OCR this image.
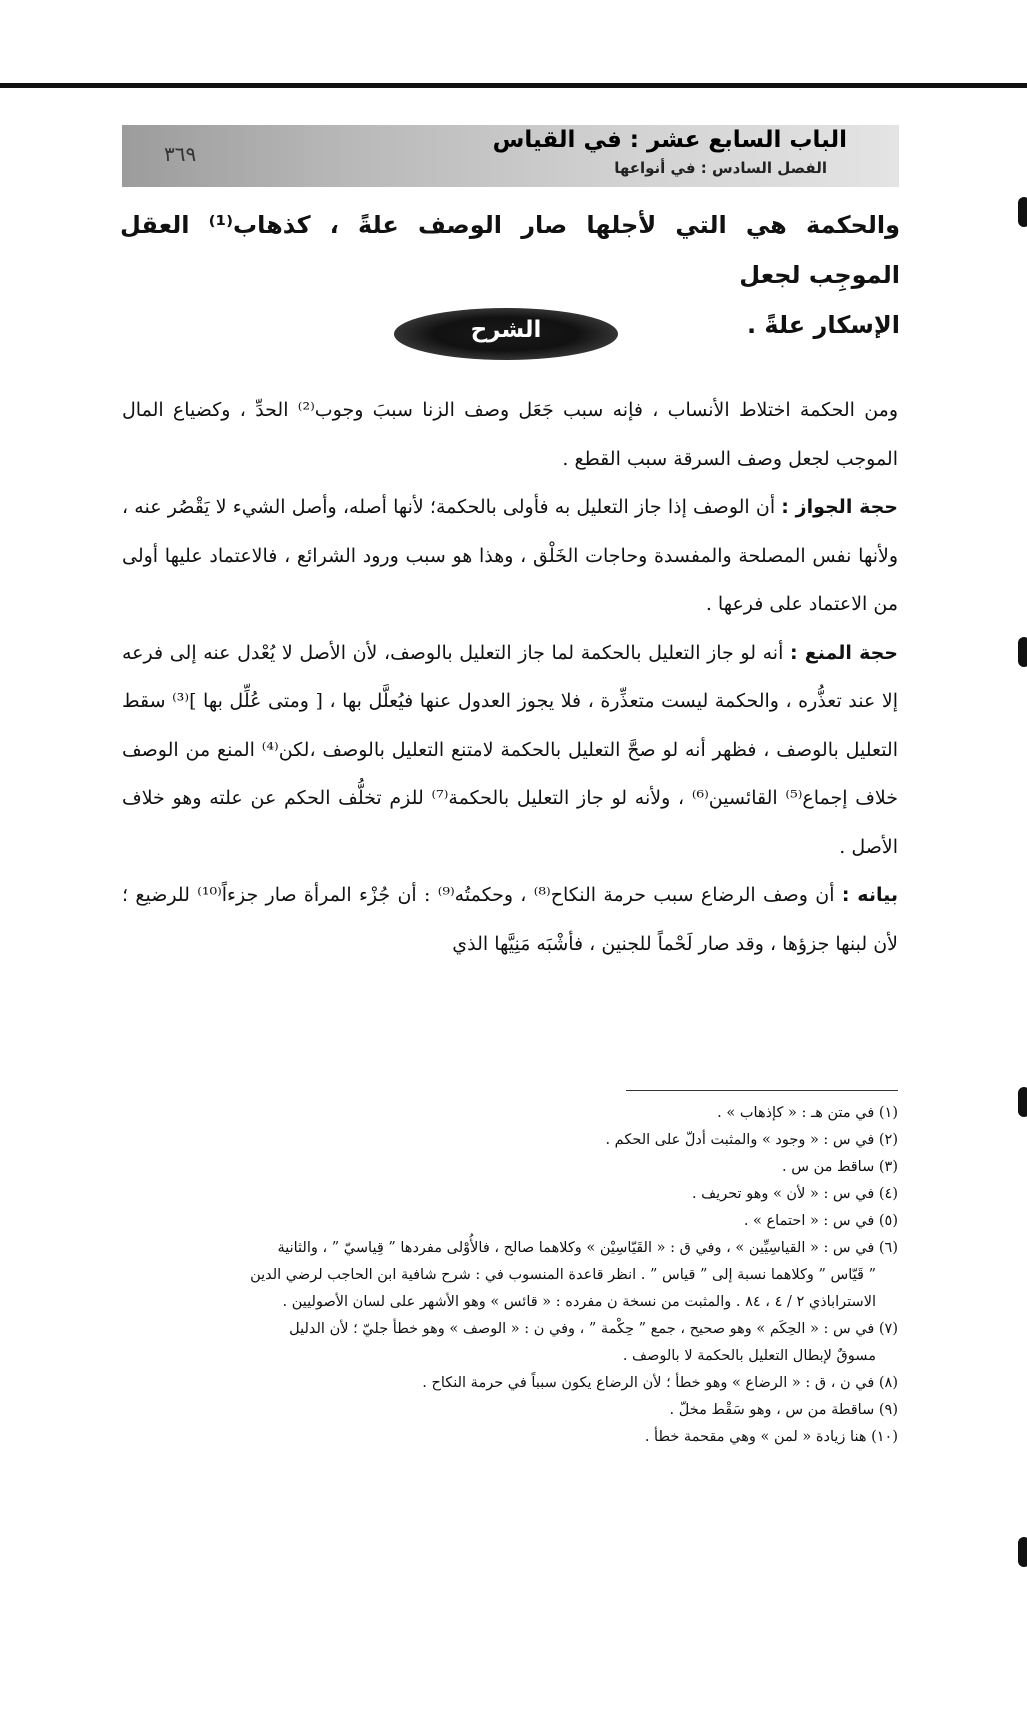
الباب السابع عشر : في القياس
الفصل السادس : في أنواعها
٣٦٩
والحكمة هي التي لأجلها صار الوصف علةً ، كذهاب⁽¹⁾ العقل الموجِب لجعل
الإسكار علةً .
الشرح

ومن الحكمة اختلاط الأنساب ، فإنه سبب جَعَل وصف الزنا سببَ وجوب⁽²⁾ الحدِّ ، وكضياع المال الموجب لجعل وصف السرقة سبب القطع .

حجة الجواز : أن الوصف إذا جاز التعليل به فأولى بالحكمة؛ لأنها أصله، وأصل الشيء لا يَقْصُر عنه ، ولأنها نفس المصلحة والمفسدة وحاجات الخَلْق ، وهذا هو سبب ورود الشرائع ، فالاعتماد عليها أولى من الاعتماد على فرعها .

حجة المنع : أنه لو جاز التعليل بالحكمة لما جاز التعليل بالوصف، لأن الأصل لا يُعْدل عنه إلى فرعه إلا عند تعذُّره ، والحكمة ليست متعذِّرة ، فلا يجوز العدول عنها فيُعلَّل بها ، [ ومتى عُلِّل بها ]⁽³⁾ سقط التعليل بالوصف ، فظهر أنه لو صحَّ التعليل بالحكمة لامتنع التعليل بالوصف ،لكن⁽⁴⁾ المنع من الوصف خلاف إجماع⁽⁵⁾ القائسين⁽⁶⁾ ، ولأنه لو جاز التعليل بالحكمة⁽⁷⁾ للزم تخلُّف الحكم عن علته وهو خلاف الأصل .

بيانه : أن وصف الرضاع سبب حرمة النكاح⁽⁸⁾ ، وحكمتُه⁽⁹⁾ : أن جُزْء المرأة صار جزءاً⁽¹⁰⁾ للرضيع ؛ لأن لبنها جزؤها ، وقد صار لَحْماً للجنين ، فأشْبَه مَنِيَّها الذي

(١) في متن هـ : « كإذهاب » .

(٢) في س : « وجود » والمثبت أدلّ على الحكم .

(٣) ساقط من س .

(٤) في س : « لأن » وهو تحريف .

(٥) في س : « احتماع » .

(٦) في س : « القياسِيِّين » ، وفي ق : « القَيّاسِيْن » وكلاهما صالح ، فالأُوْلى مفردها ” قِياسيّ ” ، والثانية

” قَيّاس ” وكلاهما نسبة إلى ” قياس ” . انظر قاعدة المنسوب في : شرح شافية ابن الحاجب لرضي الدين

الاستراباذي ٢ / ٤ ، ٨٤ . والمثبت من نسخة ن مفرده : « قائس » وهو الأشهر على لسان الأصوليين .

(٧) في س : « الحِكَم » وهو صحيح ، جمع ” حِكْمة ” ، وفي ن : « الوصف » وهو خطأ جليّ ؛ لأن الدليل

مسوقٌ لإبطال التعليل بالحكمة لا بالوصف .

(٨) في ن ، ق : « الرضاع » وهو خطأ ؛ لأن الرضاع يكون سبباً في حرمة النكاح .

(٩) ساقطة من س ، وهو سَقْط مخلّ .

(١٠) هنا زيادة « لمن » وهي مقحمة خطأ .
